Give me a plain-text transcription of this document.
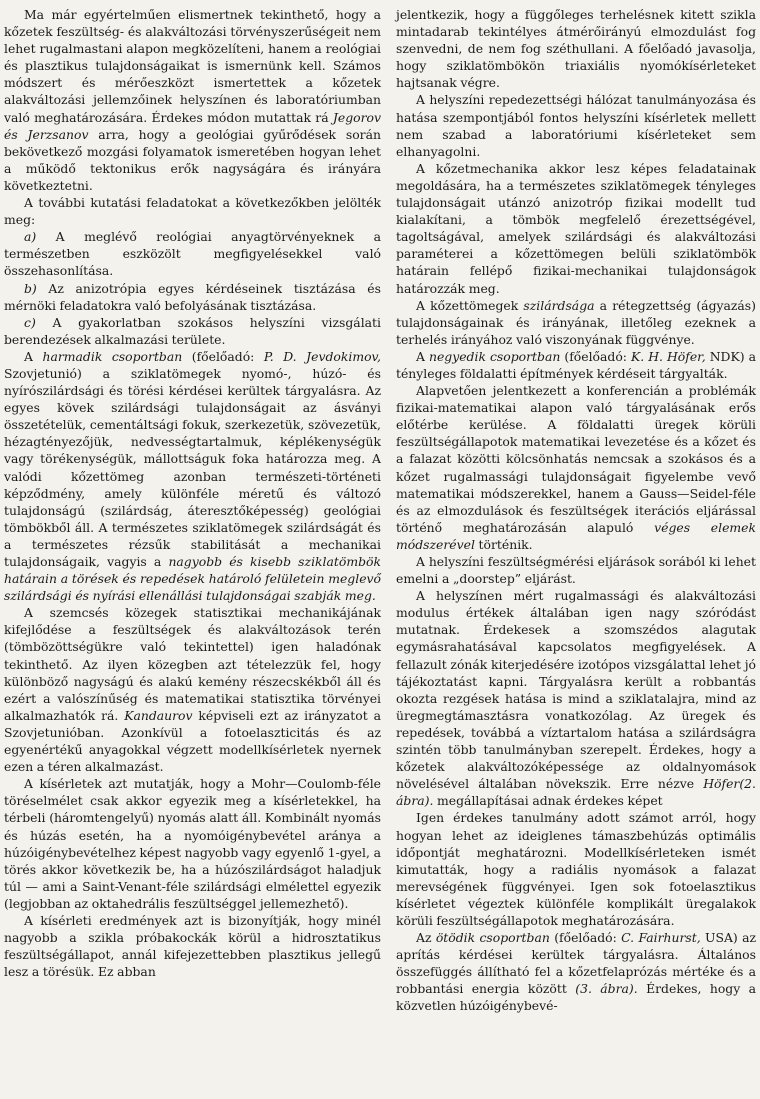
Ma már egyértelműen elismertnek tekinthető, hogy a kőzetek feszültség- és alakváltozási törvényszerűségeit nem lehet rugalmastani alapon megközelíteni, hanem a reológiai és plasztikus tulajdonságaikat is ismernünk kell. Számos módszert és mérőeszközt ismertettek a kőzetek alakváltozási jellemzőinek helyszínen és laboratóriumban való meghatározására. Érdekes módon mutattak rá Jegorov és Jerzsanov arra, hogy a geológiai gyűrődések során bekövetkező mozgási folyamatok ismeretében hogyan lehet a működő tektonikus erők nagyságára és irányára következtetni.

A további kutatási feladatokat a következőkben jelölték meg:

a) A meglévő reológiai anyagtörvényeknek a természetben eszközölt megfigyelésekkel való összehasonlítása.

b) Az anizotrópia egyes kérdéseinek tisztázása és mérnöki feladatokra való befolyásának tisztázása.

c) A gyakorlatban szokásos helyszíni vizsgálati berendezések alkalmazási területe.

A harmadik csoportban (főelőadó: P. D. Jevdokimov, Szovjetunió) a sziklatömegek nyomó-, húzó- és nyírószilárdsági és törési kérdései kerültek tárgyalásra. Az egyes kövek szilárdsági tulajdonságait az ásványi összetételük, cementáltsági fokuk, szerkezetük, szövezetük, hézagtényezőjük, nedvességtartalmuk, képlékenységük vagy törékenységük, mállottságuk foka határozza meg. A valódi kőzettömeg azonban természeti-történeti képződmény, amely különféle méretű és változó tulajdonságú (szilárdság, áteresztőképesség) geológiai tömbökből áll. A természetes sziklatömegek szilárdságát és a természetes rézsűk stabilitását a mechanikai tulajdonságaik, vagyis a nagyobb és kisebb sziklatömbök határain a törések és repedések határoló felületein meglevő szilárdsági és nyírási ellenállási tulajdonságai szabják meg.

A szemcsés közegek statisztikai mechanikájának kifejlődése a feszültségek és alakváltozások terén (tömbözöttségükre való tekintettel) igen haladónak tekinthető. Az ilyen közegben azt tételezzük fel, hogy különböző nagyságú és alakú kemény részecskékből áll és ezért a valószínűség és matematikai statisztika törvényei alkalmazhatók rá. Kandaurov képviseli ezt az irányzatot a Szovjetunióban. Azonkívül a fotoelaszticitás és az egyenértékű anyagokkal végzett modellkísérletek nyernek ezen a téren alkalmazást.

A kísérletek azt mutatják, hogy a Mohr—Coulomb-féle töréselmélet csak akkor egyezik meg a kísérletekkel, ha térbeli (háromtengelyű) nyomás alatt áll. Kombinált nyomás és húzás esetén, ha a nyomóigénybevétel aránya a húzóigénybevételhez képest nagyobb vagy egyenlő 1-gyel, a törés akkor következik be, ha a húzószilárdságot haladjuk túl — ami a Saint-Venant-féle szilárdsági elmélettel egyezik (legjobban az oktahedrális feszültséggel jellemezhető).

A kísérleti eredmények azt is bizonyítják, hogy minél nagyobb a szikla próbakockák körül a hidrosztatikus feszültségállapot, annál kifejezettebben plasztikus jellegű lesz a törésük. Ez abban

jelentkezik, hogy a függőleges terhelésnek kitett szikla mintadarab tekintélyes átmérőirányú elmozdulást fog szenvedni, de nem fog széthullani. A főelőadó javasolja, hogy sziklatömbökön triaxiális nyomókísérleteket hajtsanak végre.

A helyszíni repedezettségi hálózat tanulmányozása és hatása szempontjából fontos helyszíni kísérletek mellett nem szabad a laboratóriumi kísérleteket sem elhanyagolni.

A kőzetmechanika akkor lesz képes feladatainak megoldására, ha a természetes sziklatömegek tényleges tulajdonságait utánzó anizotróp fizikai modellt tud kialakítani, a tömbök megfelelő érezettségével, tagoltságával, amelyek szilárdsági és alakváltozási paraméterei a kőzettömegen belüli sziklatömbök határain fellépő fizikai-mechanikai tulajdonságok határozzák meg.

A kőzettömegek szilárdsága a rétegzettség (ágyazás) tulajdonságainak és irányának, illetőleg ezeknek a terhelés irányához való viszonyának függvénye.

A negyedik csoportban (főelőadó: K. H. Höfer, NDK) a tényleges földalatti építmények kérdéseit tárgyalták.

Alapvetően jelentkezett a konferencián a problémák fizikai-matematikai alapon való tárgyalásának erős előtérbe kerülése. A földalatti üregek körüli feszültségállapotok matematikai levezetése és a kőzet és a falazat közötti kölcsönhatás nemcsak a szokásos és a kőzet rugalmassági tulajdonságait figyelembe vevő matematikai módszerekkel, hanem a Gauss—Seidel-féle és az elmozdulások és feszültségek iterációs eljárással történő meghatározásán alapuló véges elemek módszerével történik.

A helyszíni feszültségmérési eljárások sorából ki lehet emelni a „doorstep” eljárást.

A helyszínen mért rugalmassági és alakváltozási modulus értékek általában igen nagy szóródást mutatnak. Érdekesek a szomszédos alagutak egymásrahatásával kapcsolatos megfigyelések. A fellazult zónák kiterjedésére izotópos vizsgálattal lehet jó tájékoztatást kapni. Tárgyalásra került a robbantás okozta rezgések hatása is mind a sziklatalajra, mind az üregmegtámasztásra vonatkozólag. Az üregek és repedések, továbbá a víztartalom hatása a szilárdságra szintén több tanulmányban szerepelt. Érdekes, hogy a kőzetek alakváltozóképessége az oldalnyomások növelésével általában növekszik. Erre nézve Höfer(2. ábra). megállapításai adnak érdekes képet

Igen érdekes tanulmány adott számot arról, hogy hogyan lehet az ideiglenes támaszbehúzás optimális időpontját meghatározni. Modellkísérleteken ismét kimutatták, hogy a radiális nyomások a falazat merevségének függvényei. Igen sok fotoelasztikus kísérletet végeztek különféle komplikált üregalakok körüli feszültségállapotok meghatározására.

Az ötödik csoportban (főelőadó: C. Fairhurst, USA) az aprítás kérdései kerültek tárgyalásra. Általános összefüggés állítható fel a kőzetfelaprózás mértéke és a robbantási energia között (3. ábra). Érdekes, hogy a közvetlen húzóigénybevé-
